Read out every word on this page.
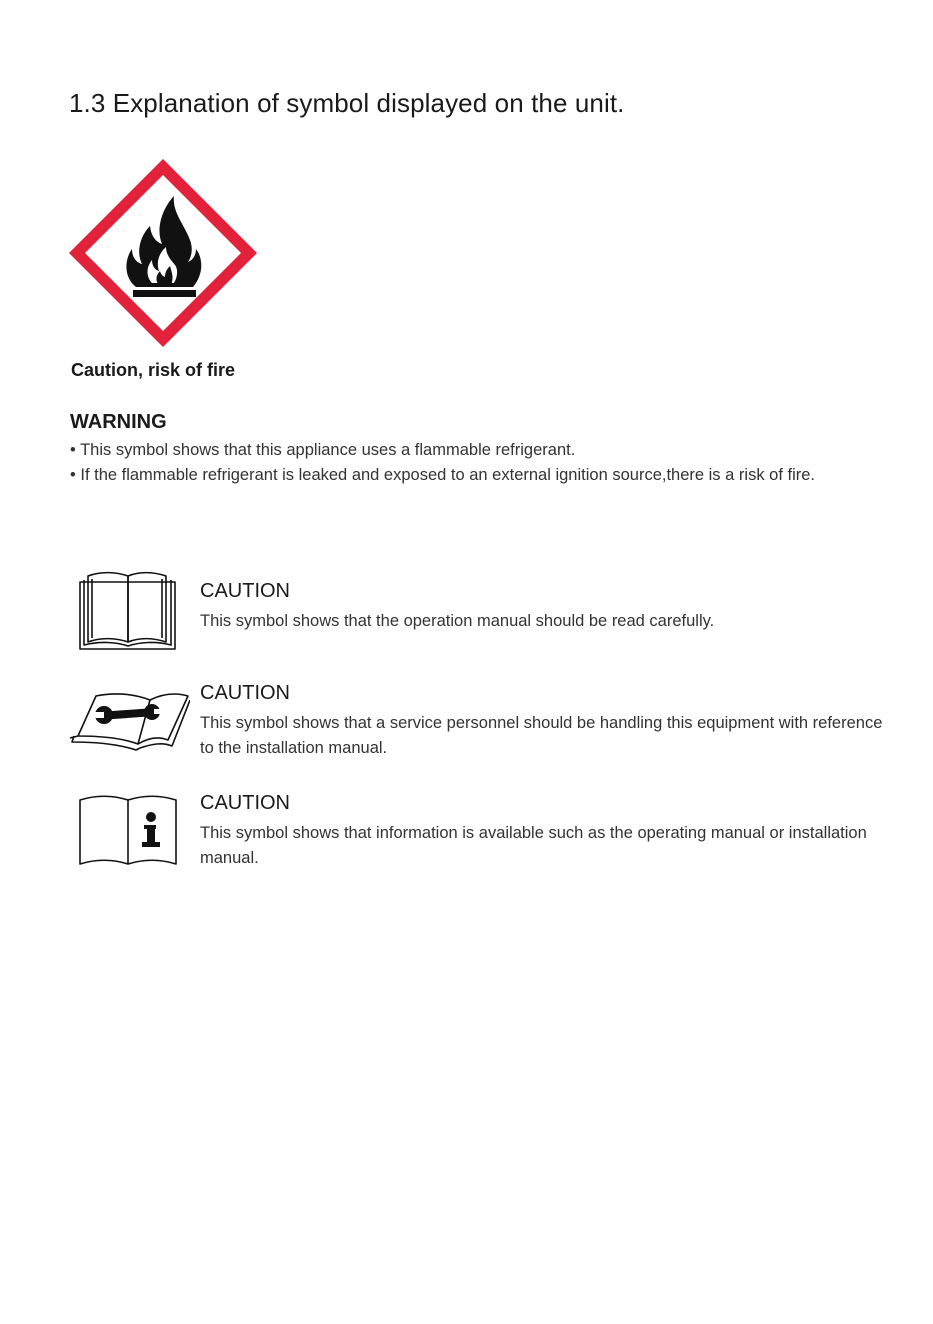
1.3 Explanation of symbol displayed on the unit.
Caution, risk of fire
WARNING

• This symbol shows that this appliance uses a flammable refrigerant.

• If the flammable refrigerant is leaked and exposed to an external ignition source,there is a risk of fire.

CAUTION

This symbol shows that the operation manual should be read carefully.

CAUTION

This symbol shows that a service personnel should be handling this equipment with reference to the installation manual.

CAUTION

This symbol shows that information is available such as the operating manual or installation manual.
